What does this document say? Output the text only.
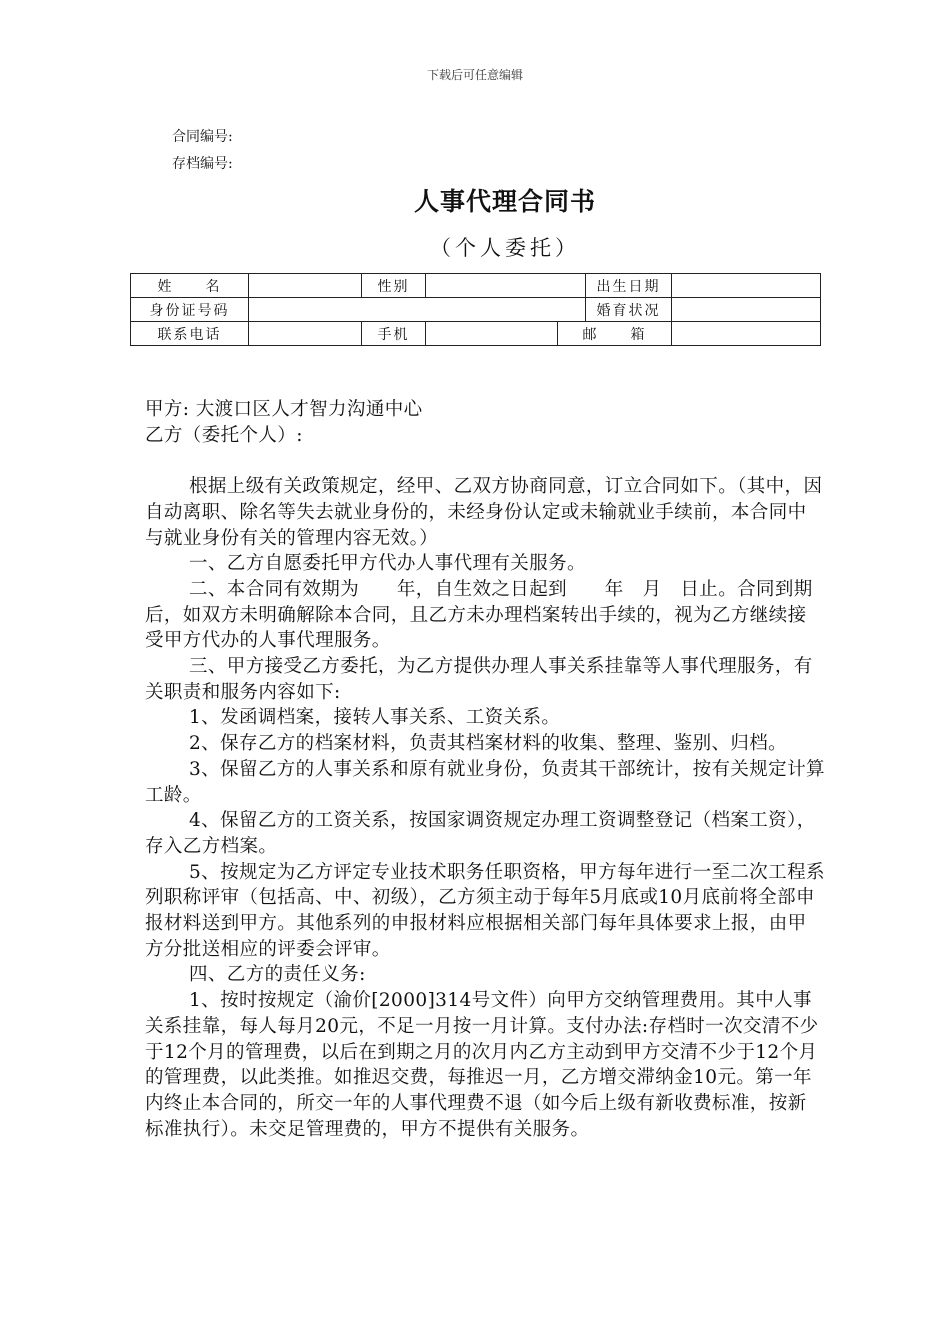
下载后可任意编辑
合同编号:
存档编号:
人事代理合同书
（个人委托）
姓　　名		性别			出生日期	
身份证号码					婚育状况	
联系电话		手机		邮　　箱		

甲方: 大渡口区人才智力沟通中心

乙方（委托个人）:

根据上级有关政策规定，经甲、乙双方协商同意，订立合同如下。（其中，因自动离职、除名等失去就业身份的，未经身份认定或未输就业手续前，本合同中与就业身份有关的管理内容无效。）

一、乙方自愿委托甲方代办人事代理有关服务。

二、本合同有效期为　　年，自生效之日起到　　年　月　日止。合同到期后，如双方未明确解除本合同，且乙方未办理档案转出手续的，视为乙方继续接受甲方代办的人事代理服务。

三、甲方接受乙方委托，为乙方提供办理人事关系挂靠等人事代理服务，有关职责和服务内容如下:

1、发函调档案，接转人事关系、工资关系。

2、保存乙方的档案材料，负责其档案材料的收集、整理、鉴别、归档。

3、保留乙方的人事关系和原有就业身份，负责其干部统计，按有关规定计算工龄。

4、保留乙方的工资关系，按国家调资规定办理工资调整登记（档案工资），存入乙方档案。

5、按规定为乙方评定专业技术职务任职资格，甲方每年进行一至二次工程系列职称评审（包括高、中、初级），乙方须主动于每年5月底或10月底前将全部申报材料送到甲方。其他系列的申报材料应根据相关部门每年具体要求上报，由甲方分批送相应的评委会评审。

四、乙方的责任义务:

1、按时按规定（渝价[2000]314号文件）向甲方交纳管理费用。其中人事关系挂靠，每人每月20元，不足一月按一月计算。支付办法:存档时一次交清不少于12个月的管理费，以后在到期之月的次月内乙方主动到甲方交清不少于12个月的管理费，以此类推。如推迟交费，每推迟一月，乙方增交滞纳金10元。第一年内终止本合同的，所交一年的人事代理费不退（如今后上级有新收费标准，按新标准执行）。未交足管理费的，甲方不提供有关服务。
